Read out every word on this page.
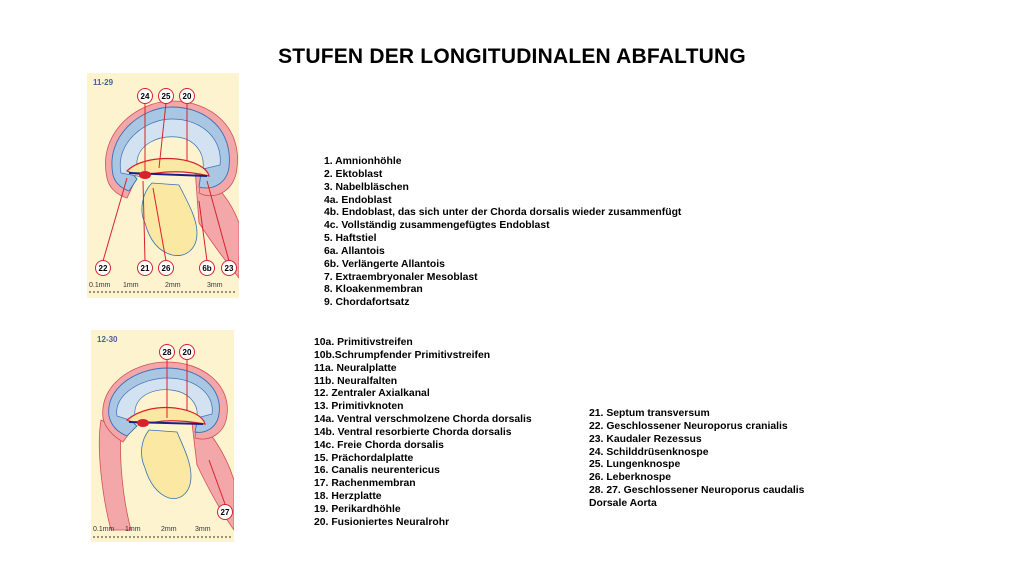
STUFEN DER LONGITUDINALEN ABFALTUNG
11-29
24 25 20
22	21 26	6b 23
0.1mm 1mm	2mm	3mm
12-30
28 20
27
0.1mm 1mm	2mm	3mm
1. Amnionhöhle
2. Ektoblast
3. Nabelbläschen
4a. Endoblast
4b. Endoblast, das sich unter der Chorda dorsalis wieder zusammenfügt
4c. Vollständig zusammengefügtes Endoblast
5. Haftstiel
6a. Allantois
6b. Verlängerte Allantois
7. Extraembryonaler Mesoblast
8. Kloakenmembran
9. Chordafortsatz
10a. Primitivstreifen
10b.Schrumpfender Primitivstreifen
11a. Neuralplatte
11b. Neuralfalten
12. Zentraler Axialkanal
13. Primitivknoten
14a. Ventral verschmolzene Chorda dorsalis
14b. Ventral resorbierte Chorda dorsalis
14c. Freie Chorda dorsalis
15. Prächordalplatte
16. Canalis neurentericus
17. Rachenmembran
18. Herzplatte
19. Perikardhöhle
20. Fusioniertes Neuralrohr
21. Septum transversum
22. Geschlossener Neuroporus cranialis
23. Kaudaler Rezessus
24. Schilddrüsenknospe
25. Lungenknospe
26. Leberknospe
28. 27. Geschlossener Neuroporus caudalis
Dorsale Aorta
